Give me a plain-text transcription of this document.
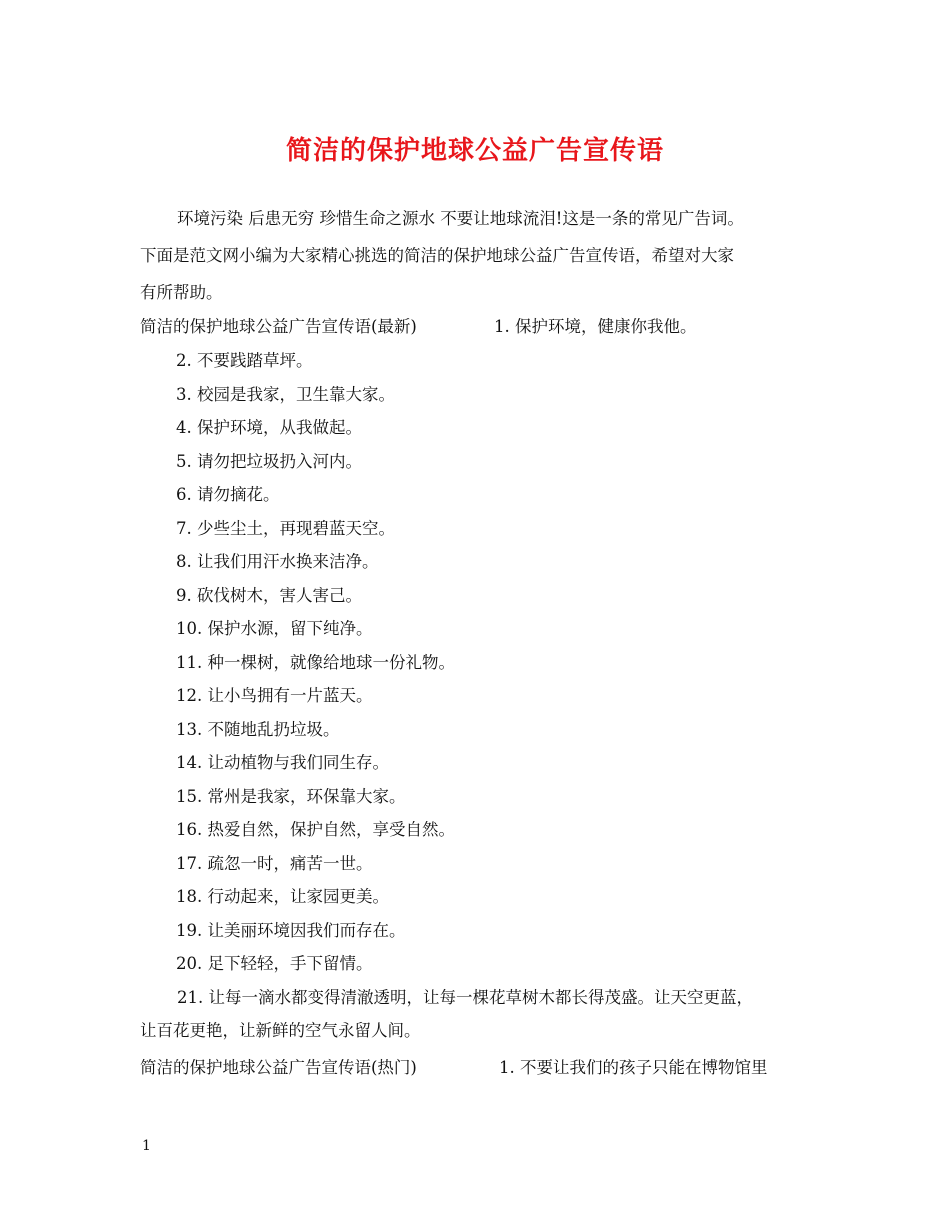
简洁的保护地球公益广告宣传语
环境污染 后患无穷 珍惜生命之源水 不要让地球流泪!这是一条的常见广告词。
下面是范文网小编为大家精心挑选的简洁的保护地球公益广告宣传语，希望对大家
有所帮助。
简洁的保护地球公益广告宣传语(最新)	1. 保护环境，健康你我他。
2. 不要践踏草坪。
3. 校园是我家，卫生靠大家。
4. 保护环境，从我做起。
5. 请勿把垃圾扔入河内。
6. 请勿摘花。
7. 少些尘土，再现碧蓝天空。
8. 让我们用汗水换来洁净。
9. 砍伐树木，害人害己。
10. 保护水源，留下纯净。
11. 种一棵树，就像给地球一份礼物。
12. 让小鸟拥有一片蓝天。
13. 不随地乱扔垃圾。
14. 让动植物与我们同生存。
15. 常州是我家，环保靠大家。
16. 热爱自然，保护自然，享受自然。
17. 疏忽一时，痛苦一世。
18. 行动起来，让家园更美。
19. 让美丽环境因我们而存在。
20. 足下轻轻，手下留情。
21. 让每一滴水都变得清澈透明，让每一棵花草树木都长得茂盛。让天空更蓝，
让百花更艳，让新鲜的空气永留人间。
简洁的保护地球公益广告宣传语(热门)	1. 不要让我们的孩子只能在博物馆里
1
